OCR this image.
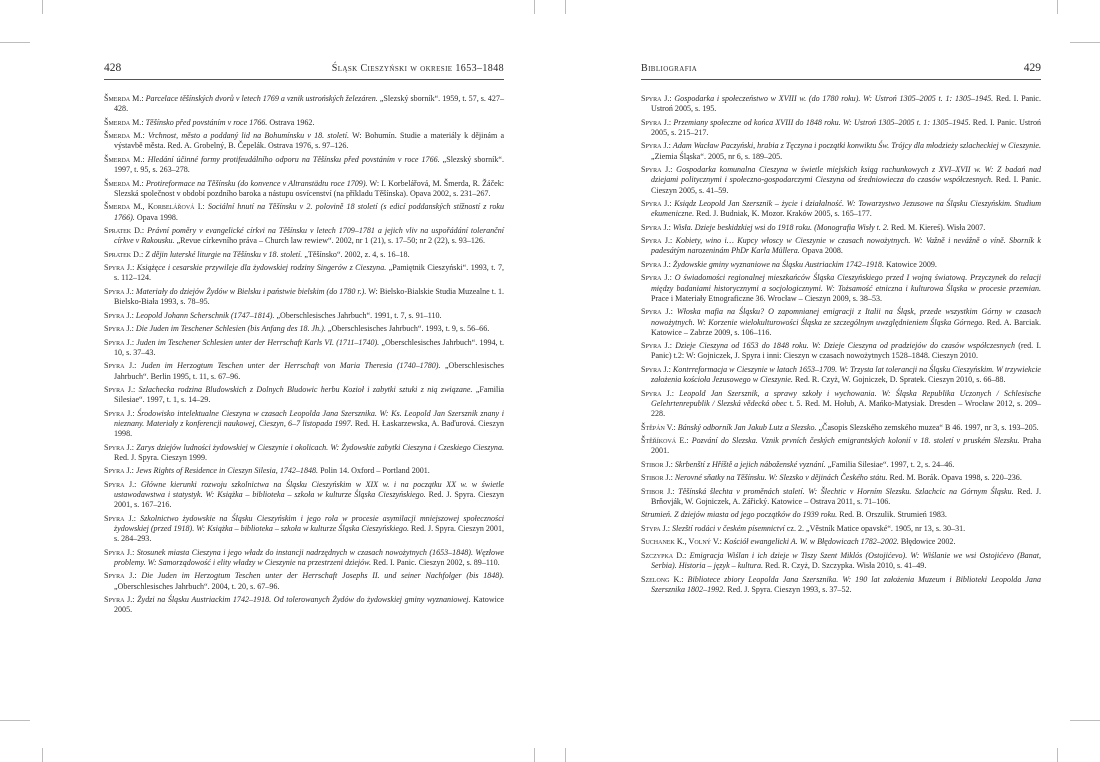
428	Śląsk Cieszyński w okresie 1653–1848
Šmerda M.: Parcelace těšínských dvorů v letech 1769 a vznik ustrońských železáren. „Slezský sborník“. 1959, t. 57, s. 427–428.
Šmerda M.: Těšínsko před povstáním v roce 1766. Ostrava 1962.
Šmerda M.: Vrchnost, město a poddaný lid na Bohumínsku v 18. století. W: Bohumín. Studie a materiály k dějinám a výstavbě města. Red. A. Grobelný, B. Čepelák. Ostrava 1976, s. 97–126.
Šmerda M.: Hledání účinné formy protifeudálního odporu na Těšínsku před povstáním v roce 1766. „Slezský sborník“. 1997, t. 95, s. 263–278.
Šmerda M.: Protireformace na Těšínsku (do konvence v Altranstädtu roce 1709). W: I. Korbelářová, M. Šmerda, R. Žáček: Slezská společnost v období pozdního baroka a nástupu osvícenství (na příkladu Těšínska). Opava 2002, s. 231–267.
Šmerda M., Korbelářová I.: Sociální hnutí na Těšínsku v 2. polovině 18 století (s edicí poddanských stížností z roku 1766). Opava 1998.
Spratek D.: Právní poměry v evangelické církvi na Těšínsku v letech 1709–1781 a jejich vliv na uspořádání toleranční církve v Rakousku. „Revue církevního práva – Church law rewiew“. 2002, nr 1 (21), s. 17–50; nr 2 (22), s. 93–126.
Spratek D.: Z dějin luterské liturgie na Těšínsku v 18. století. „Těšínsko“. 2002, z. 4, s. 16–18.
Spyra J.: Książęce i cesarskie przywileje dla żydowskiej rodziny Singerów z Cieszyna. „Pamiętnik Cieszyński“. 1993, t. 7, s. 112–124.
Spyra J.: Materiały do dziejów Żydów w Bielsku i państwie bielskim (do 1780 r.). W: Bielsko-Bialskie Studia Muzealne t. 1. Bielsko-Biała 1993, s. 78–95.
Spyra J.: Leopold Johann Scherschnik (1747–1814). „Oberschlesisches Jahrbuch“. 1991, t. 7, s. 91–110.
Spyra J.: Die Juden im Teschener Schlesien (bis Anfang des 18. Jh.). „Oberschlesisches Jahrbuch“. 1993, t. 9, s. 56–66.
Spyra J.: Juden im Teschener Schlesien unter der Herrschaft Karls VI. (1711–1740). „Oberschlesisches Jahrbuch“. 1994, t. 10, s. 37–43.
Spyra J.: Juden im Herzogtum Teschen unter der Herrschaft von Maria Theresia (1740–1780). „Oberschlesisches Jahrbuch“. Berlin 1995, t. 11, s. 67–96.
Spyra J.: Szlachecka rodzina Bludowskich z Dolnych Bludowic herbu Kozioł i zabytki sztuki z nią związane. „Familia Silesiae“. 1997, t. 1, s. 14–29.
Spyra J.: Środowisko intelektualne Cieszyna w czasach Leopolda Jana Szersznika. W: Ks. Leopold Jan Szersznik znany i nieznany. Materiały z konferencji naukowej, Cieszyn, 6–7 listopada 1997. Red. H. Łaskarzewska, A. Baďurová. Cieszyn 1998.
Spyra J.: Zarys dziejów ludności żydowskiej w Cieszynie i okolicach. W: Żydowskie zabytki Cieszyna i Czeskiego Cieszyna. Red. J. Spyra. Cieszyn 1999.
Spyra J.: Jews Rights of Residence in Cieszyn Silesia, 1742–1848. Polin 14. Oxford – Portland 2001.
Spyra J.: Główne kierunki rozwoju szkolnictwa na Śląsku Cieszyńskim w XIX w. i na początku XX w. w świetle ustawodawstwa i statystyk. W: Książka – biblioteka – szkoła w kulturze Śląska Cieszyńskiego. Red. J. Spyra. Cieszyn 2001, s. 167–216.
Spyra J.: Szkolnictwo żydowskie na Śląsku Cieszyńskim i jego rola w procesie asymilacji mniejszowej społeczności żydowskiej (przed 1918). W: Książka – biblioteka – szkoła w kulturze Śląska Cieszyńskiego. Red. J. Spyra. Cieszyn 2001, s. 284–293.
Spyra J.: Stosunek miasta Cieszyna i jego władz do instancji nadrzędnych w czasach nowożytnych (1653–1848). Węzłowe problemy. W: Samorządowość i elity władzy w Cieszynie na przestrzeni dziejów. Red. I. Panic. Cieszyn 2002, s. 89–110.
Spyra J.: Die Juden im Herzogtum Teschen unter der Herrschaft Josephs II. und seiner Nachfolger (bis 1848). „Oberschlesisches Jahrbuch“. 2004, t. 20, s. 67–96.
Spyra J.: Żydzi na Śląsku Austriackim 1742–1918. Od tolerowanych Żydów do żydowskiej gminy wyznaniowej. Katowice 2005.
Bibliografia	429
Spyra J.: Gospodarka i społeczeństwo w XVIII w. (do 1780 roku). W: Ustroń 1305–2005 t. 1: 1305–1945. Red. I. Panic. Ustroń 2005, s. 195.
Spyra J.: Przemiany społeczne od końca XVIII do 1848 roku. W: Ustroń 1305–2005 t. 1: 1305–1945. Red. I. Panic. Ustroń 2005, s. 215–217.
Spyra J.: Adam Wacław Paczyński, hrabia z Tęczyna i początki konwiktu Św. Trójcy dla młodzieży szlacheckiej w Cieszynie. „Ziemia Śląska“. 2005, nr 6, s. 189–205.
Spyra J.: Gospodarka komunalna Cieszyna w świetle miejskich ksiąg rachunkowych z XVI–XVII w. W: Z badań nad dziejami politycznymi i społeczno-gospodarczymi Cieszyna od średniowiecza do czasów współczesnych. Red. I. Panic. Cieszyn 2005, s. 41–59.
Spyra J.: Ksiądz Leopold Jan Szersznik – życie i działalność. W: Towarzystwo Jezusowe na Śląsku Cieszyńskim. Studium ekumeniczne. Red. J. Budniak, K. Mozor. Kraków 2005, s. 165–177.
Spyra J.: Wisła. Dzieje beskidzkiej wsi do 1918 roku. (Monografia Wisły t. 2. Red. M. Kiereś). Wisła 2007.
Spyra J.: Kobiety, wino i… Kupcy włoscy w Cieszynie w czasach nowożytnych. W: Važně i nevážně o víně. Sborník k padesátým narozeninám PhDr Karla Müllera. Opava 2008.
Spyra J.: Żydowskie gminy wyznaniowe na Śląsku Austriackim 1742–1918. Katowice 2009.
Spyra J.: O świadomości regionalnej mieszkańców Śląska Cieszyńskiego przed I wojną światową. Przyczynek do relacji między badaniami historycznymi a socjologicznymi. W: Tożsamość etniczna i kulturowa Śląska w procesie przemian. Prace i Materiały Etnograficzne 36. Wrocław – Cieszyn 2009, s. 38–53.
Spyra J.: Włoska mafia na Śląsku? O zapomnianej emigracji z Italii na Śląsk, przede wszystkim Górny w czasach nowożytnych. W: Korzenie wielokulturowości Śląska ze szczególnym uwzględnieniem Śląska Górnego. Red. A. Barciak. Katowice – Zabrze 2009, s. 106–116.
Spyra J.: Dzieje Cieszyna od 1653 do 1848 roku. W: Dzieje Cieszyna od pradziejów do czasów współczesnych (red. I. Panic) t.2: W: Gojniczek, J. Spyra i inni: Cieszyn w czasach nowożytnych 1528–1848. Cieszyn 2010.
Spyra J.: Kontrreformacja w Cieszynie w latach 1653–1709. W: Trzysta lat tolerancji na Śląsku Cieszyńskim. W trzywiekcie założenia kościoła Jezusowego w Cieszynie. Red. R. Czyż, W. Gojniczek, D. Spratek. Cieszyn 2010, s. 66–88.
Spyra J.: Leopold Jan Szersznik, a sprawy szkoły i wychowania. W: Śląska Republika Uczonych / Schlesische Gelehrtenrepublik / Slezská vědecká obec t. 5. Red. M. Hołub, A. Mańko-Matysiak. Dresden – Wrocław 2012, s. 209–228.
Štěpán V.: Bánský odborník Jan Jakub Lutz a Slezsko. „Časopis Slezského zemského muzea“ B 46. 1997, nr 3, s. 193–205.
Štěříková E.: Pozvání do Slezska. Vznik prvních českých emigrantských kolonií v 18. století v pruském Slezsku. Praha 2001.
Stibor J.: Skrbenští z Hříště a jejich náboženské vyznání. „Familia Silesiae“. 1997, t. 2, s. 24–46.
Stibor J.: Nerovné sňatky na Těšínsku. W: Slezsko v dějinách Českého státu. Red. M. Borák. Opava 1998, s. 220–236.
Stibor J.: Těšínská šlechta v proměnách staletí. W: Šlechtic v Horním Slezsku. Szlachcic na Górnym Śląsku. Red. J. Brňovják, W. Gojniczek, A. Zářický. Katowice – Ostrava 2011, s. 71–106.
Strumień. Z dziejów miasta od jego początków do 1939 roku. Red. B. Orszulik. Strumień 1983.
Stypa J.: Slezští rodáci v českém písemnictví cz. 2. „Věstník Matice opavské“. 1905, nr 13, s. 30–31.
Suchanek K., Volný V.: Kościół ewangelicki A. W. w Błędowicach 1782–2002. Błędowice 2002.
Szczypka D.: Emigracja Wiślan i ich dzieje w Tiszy Szent Miklós (Ostojićevo). W: Wiślanie we wsi Ostojićevo (Banat, Serbia). Historia – język – kultura. Red. R. Czyż, D. Szczypka. Wisła 2010, s. 41–49.
Szelong K.: Bibliotece zbiory Leopolda Jana Szersznika. W: 190 lat założenia Muzeum i Biblioteki Leopolda Jana Szersznika 1802–1992. Red. J. Spyra. Cieszyn 1993, s. 37–52.
